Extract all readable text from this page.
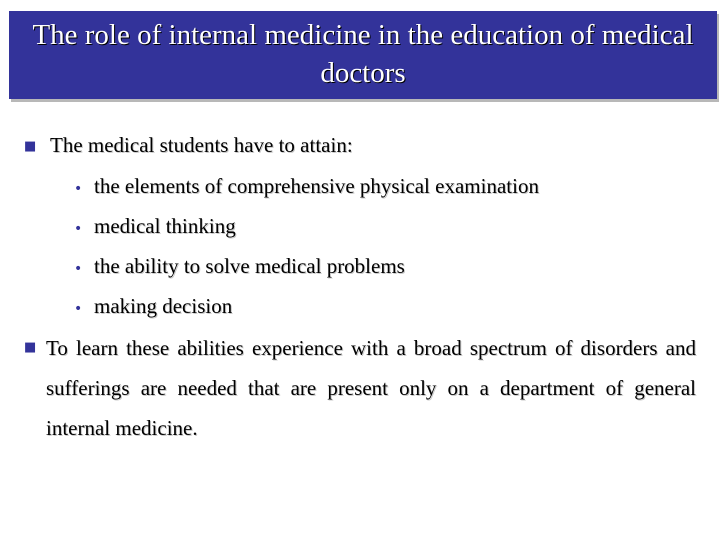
The role of internal medicine in the education of medical doctors
■ The medical students have to attain:
• the elements of comprehensive physical examination
• medical thinking
• the ability to solve medical problems
• making decision
■ To learn these abilities experience with a broad spectrum of disorders and sufferings are needed that are present only on a department of general internal medicine.
